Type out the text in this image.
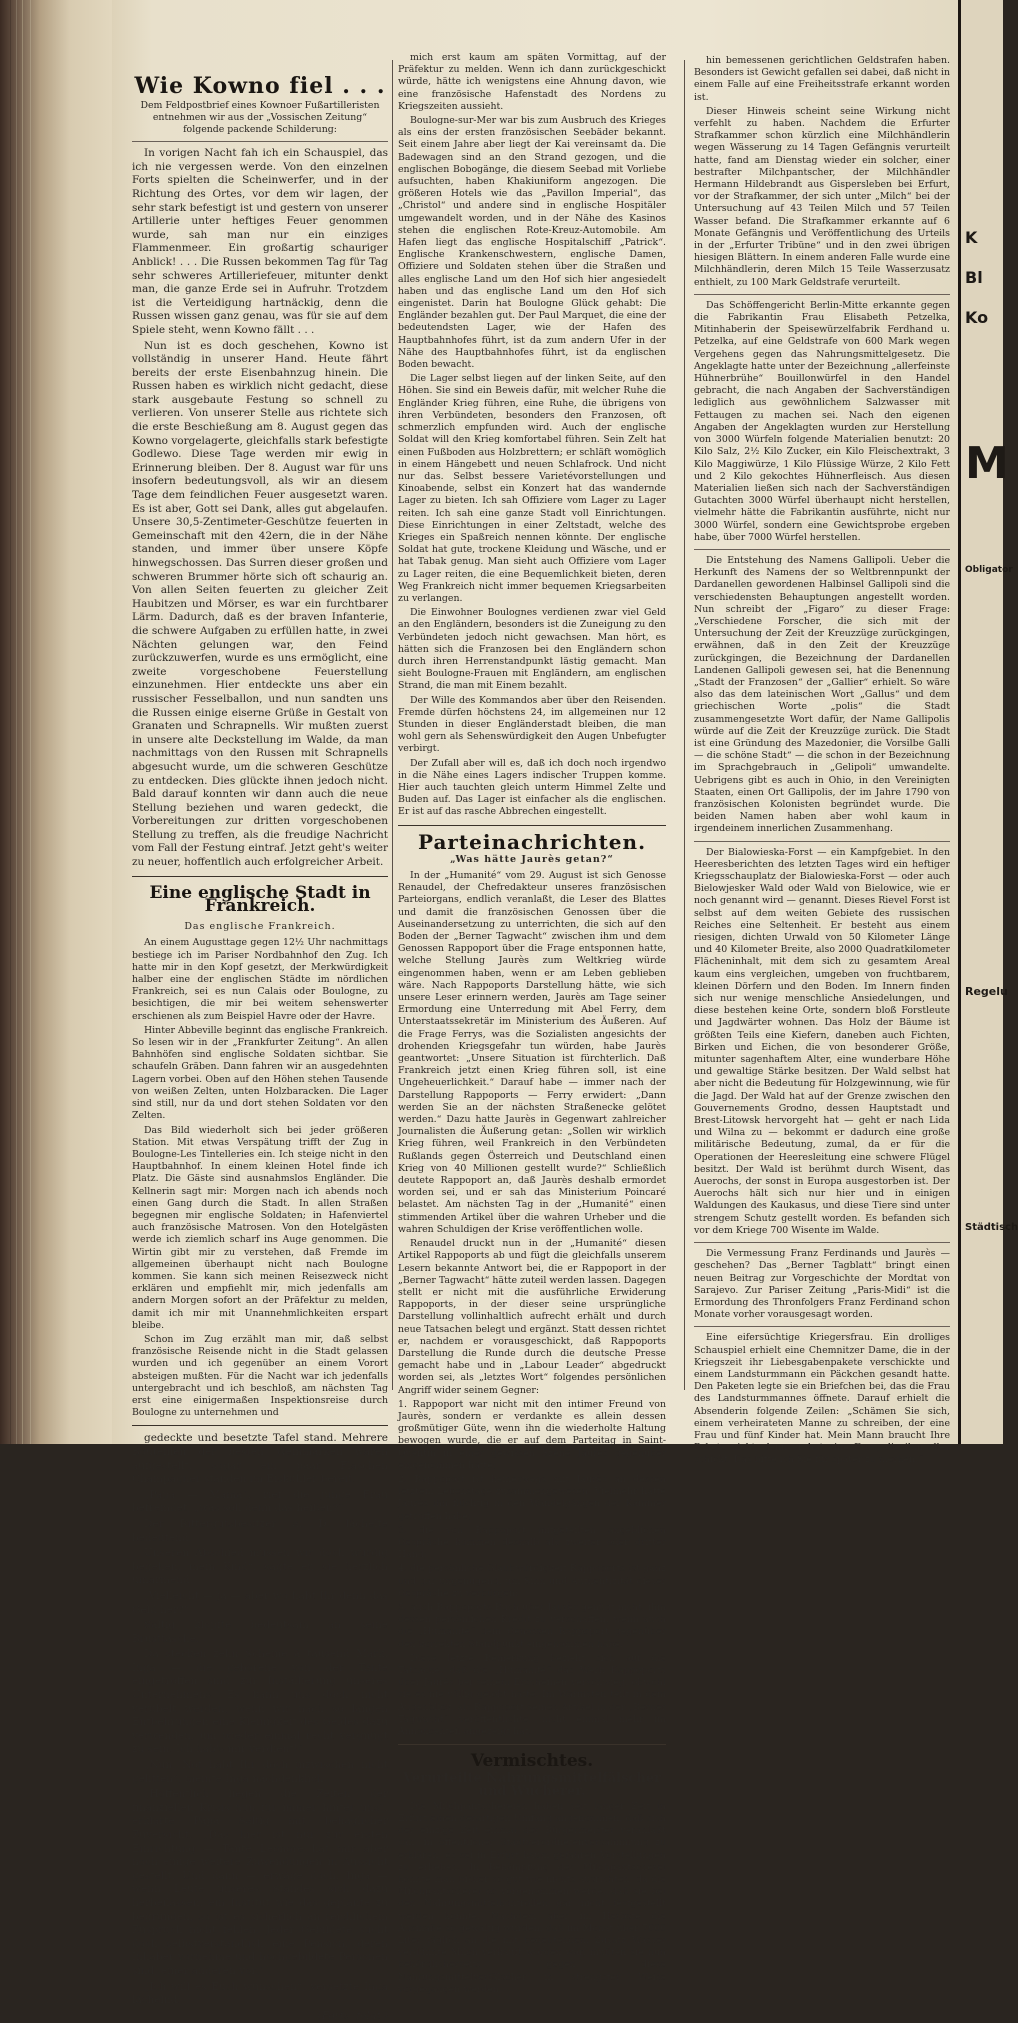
K
Bl
Ko
M
Obligator
Regelu
Städtisch
Wie Kowno fiel . . .

Dem Feldpostbrief eines Kownoer Fußartilleristen entnehmen wir aus der „Vossischen Zeitung“ folgende packende Schilderung:

In vorigen Nacht fah ich ein Schauspiel, das ich nie vergessen werde. Von den einzelnen Forts spielten die Scheinwerfer, und in der Richtung des Ortes, vor dem wir lagen, der sehr stark befestigt ist und gestern von unserer Artillerie unter heftiges Feuer genommen wurde, sah man nur ein einziges Flammenmeer. Ein großartig schauriger Anblick! . . . Die Russen bekommen Tag für Tag sehr schweres Artilleriefeuer, mitunter denkt man, die ganze Erde sei in Aufruhr. Trotzdem ist die Verteidigung hartnäckig, denn die Russen wissen ganz genau, was für sie auf dem Spiele steht, wenn Kowno fällt . . .

Nun ist es doch geschehen, Kowno ist vollständig in unserer Hand. Heute fährt bereits der erste Eisenbahnzug hinein. Die Russen haben es wirklich nicht gedacht, diese stark ausgebaute Festung so schnell zu verlieren. Von unserer Stelle aus richtete sich die erste Beschießung am 8. August gegen das Kowno vorgelagerte, gleichfalls stark befestigte Godlewo. Diese Tage werden mir ewig in Erinnerung bleiben. Der 8. August war für uns insofern bedeutungsvoll, als wir an diesem Tage dem feindlichen Feuer ausgesetzt waren. Es ist aber, Gott sei Dank, alles gut abgelaufen. Unsere 30,5-Zentimeter-Geschütze feuerten in Gemeinschaft mit den 42ern, die in der Nähe standen, und immer über unsere Köpfe hinwegschossen. Das Surren dieser großen und schweren Brummer hörte sich oft schaurig an. Von allen Seiten feuerten zu gleicher Zeit Haubitzen und Mörser, es war ein furchtbarer Lärm. Dadurch, daß es der braven Infanterie, die schwere Aufgaben zu erfüllen hatte, in zwei Nächten gelungen war, den Feind zurückzuwerfen, wurde es uns ermöglicht, eine zweite vorgeschobene Feuerstellung einzunehmen. Hier entdeckte uns aber ein russischer Fesselballon, und nun sandten uns die Russen einige eiserne Grüße in Gestalt von Granaten und Schrapnells. Wir mußten zuerst in unsere alte Deckstellung im Walde, da man nachmittags von den Russen mit Schrapnells abgesucht wurde, um die schweren Geschütze zu entdecken. Dies glückte ihnen jedoch nicht. Bald darauf konnten wir dann auch die neue Stellung beziehen und waren gedeckt, die Vorbereitungen zur dritten vorgeschobenen Stellung zu treffen, als die freudige Nachricht vom Fall der Festung eintraf. Jetzt geht's weiter zu neuer, hoffentlich auch erfolgreicher Arbeit.

Eine englische Stadt in Frankreich.
Das englische Frankreich.

An einem Augusttage gegen 12½ Uhr nachmittags bestiege ich im Pariser Nordbahnhof den Zug. Ich hatte mir in den Kopf gesetzt, der Merkwürdigkeit halber eine der englischen Städte im nördlichen Frankreich, sei es nun Calais oder Boulogne, zu besichtigen, die mir bei weitem sehenswerter erschienen als zum Beispiel Havre oder der Havre.

Hinter Abbeville beginnt das englische Frankreich. So lesen wir in der „Frankfurter Zeitung“. An allen Bahnhöfen sind englische Soldaten sichtbar. Sie schaufeln Gräben. Dann fahren wir an ausgedehnten Lagern vorbei. Oben auf den Höhen stehen Tausende von weißen Zelten, unten Holzbaracken. Die Lager sind still, nur da und dort stehen Soldaten vor den Zelten.

Das Bild wiederholt sich bei jeder größeren Station. Mit etwas Verspätung trifft der Zug in Boulogne-Les Tintelleries ein. Ich steige nicht in den Hauptbahnhof. In einem kleinen Hotel finde ich Platz. Die Gäste sind ausnahmslos Engländer. Die Kellnerin sagt mir: Morgen nach ich abends noch einen Gang durch die Stadt. In allen Straßen begegnen mir englische Soldaten; in Hafenviertel auch französische Matrosen. Von den Hotelgästen werde ich ziemlich scharf ins Auge genommen. Die Wirtin gibt mir zu verstehen, daß Fremde im allgemeinen überhaupt nicht nach Boulogne kommen. Sie kann sich meinen Reisezweck nicht erklären und empfiehlt mir, mich jedenfalls am andern Morgen sofort an der Präfektur zu melden, damit ich mir mit Unannehmlichkeiten erspart bleibe.

Schon im Zug erzählt man mir, daß selbst französische Reisende nicht in die Stadt gelassen wurden und ich gegenüber an einem Vorort absteigen mußten. Für die Nacht war ich jedenfalls untergebracht und ich beschloß, am nächsten Tag erst eine einigermaßen Inspektionsreise durch Boulogne zu unternehmen und

gedeckte und besetzte Tafel stand. Mehrere Bouteillen der besten Weinmarken waren aufgestellt, sogar ein paar Flaschen Champagner standen im Eiskühler bereit.

„Papa — Mama“, rief die junge Frau befremdet, „was soll denn das heißen?“

Der Rittergutsbesitzer a. D. lächelte bedeutend.

Unseren Abschied müssen wir doch würdig begehen, mein Kind“, sagte er, sie herzlich umarmend.

„Vielleicht — ja — aber wo habt Ihr denn das Geld her?“

Saltig klopfte bedeutsam an seine Brusttasche.

Da stecken zehn Scheine à tausend Mark, Inga — die geborene von der Tante eingetroffen sind zur Installierung unseres Unternehmens. Es kann uns doch nicht verübelt werden, wenn wir nach so langen Entbehrungen eine Kleinigkeit des Geldes dazu verwenden, um wieder einmal recht vergnügt zu sein. Ich hab's mir verdient!“

„Nun, Not habt Ihr doch inzwischen nicht gelitten“, meinte Inga nachdenklich.

„Hoffentlich liegen die Zeiten der finanziellen Krisis nun für immer hinter uns“, erklärte Papa Saltig mit behaglicher Zuversicht. „Das hier ist nur zur ersten Einrichtung — Tante Leonore hat mir aber noch einige weitere Zuwendungen in Aussicht gestellt. Und dann — erwäge doch, Inga — wenn Leute unseres Standes sich dazu herbeilassen, ein Institut wie das geplante zu begründen, so ist es sicherlich an reichlichem Zuspruch nicht fehlen. Jeder Gebildete sucht doch selbstverständlich eine Pension, deren Inhaber vornehme und hochgebildete Personen sind, einer anderen vor.“

„Ich will es Euch wünschen“, versetzte Inga lächelnd.

(Forts. folgt.)

mich erst kaum am späten Vormittag, auf der Präfektur zu melden. Wenn ich dann zurückgeschickt würde, hätte ich wenigstens eine Ahnung davon, wie eine französische Hafenstadt des Nordens zu Kriegszeiten aussieht.

Boulogne-sur-Mer war bis zum Ausbruch des Krieges als eins der ersten französischen Seebäder bekannt. Seit einem Jahre aber liegt der Kai vereinsamt da. Die Badewagen sind an den Strand gezogen, und die englischen Bobogänge, die diesem Seebad mit Vorliebe aufsuchten, haben Khakiuniform angezogen. Die größeren Hotels wie das „Pavillon Imperial“, das „Christol“ und andere sind in englische Hospitäler umgewandelt worden, und in der Nähe des Kasinos stehen die englischen Rote-Kreuz-Automobile. Am Hafen liegt das englische Hospitalschiff „Patrick“. Englische Krankenschwestern, englische Damen, Offiziere und Soldaten stehen über die Straßen und alles englische Land um den Hof sich hier angesiedelt haben und das englische Land um den Hof sich eingenistet. Darin hat Boulogne Glück gehabt: Die Engländer bezahlen gut. Der Paul Marquet, die eine der bedeutendsten Lager, wie der Hafen des Hauptbahnhofes führt, ist da zum andern Ufer in der Nähe des Hauptbahnhofes führt, ist da englischen Boden bewacht.

Die Lager selbst liegen auf der linken Seite, auf den Höhen. Sie sind ein Beweis dafür, mit welcher Ruhe die Engländer Krieg führen, eine Ruhe, die übrigens von ihren Verbündeten, besonders den Franzosen, oft schmerzlich empfunden wird. Auch der englische Soldat will den Krieg komfortabel führen. Sein Zelt hat einen Fußboden aus Holzbrettern; er schläft womöglich in einem Hängebett und neuen Schlafrock. Und nicht nur das. Selbst bessere Varietévorstellungen und Kinoabende, selbst ein Konzert hat das wandernde Lager zu bieten. Ich sah Offiziere vom Lager zu Lager reiten. Ich sah eine ganze Stadt voll Einrichtungen. Diese Einrichtungen in einer Zeltstadt, welche des Krieges ein Spaßreich nennen könnte. Der englische Soldat hat gute, trockene Kleidung und Wäsche, und er hat Tabak genug. Man sieht auch Offiziere vom Lager zu Lager reiten, die eine Bequemlichkeit bieten, deren Weg Frankreich nicht immer bequemen Kriegsarbeiten zu verlangen.

Die Einwohner Boulognes verdienen zwar viel Geld an den Engländern, besonders ist die Zuneigung zu den Verbündeten jedoch nicht gewachsen. Man hört, es hätten sich die Franzosen bei den Engländern schon durch ihren Herrenstandpunkt lästig gemacht. Man sieht Boulogne-Frauen mit Engländern, am englischen Strand, die man mit Einem bezahlt.

Der Wille des Kommandos aber über den Reisenden. Fremde dürfen höchstens 24, im allgemeinen nur 12 Stunden in dieser Engländerstadt bleiben, die man wohl gern als Sehenswürdigkeit den Augen Unbefugter verbirgt.

Der Zufall aber will es, daß ich doch noch irgendwo in die Nähe eines Lagers indischer Truppen komme. Hier auch tauchten gleich unterm Himmel Zelte und Buden auf. Das Lager ist einfacher als die englischen. Er ist auf das rasche Abbrechen eingestellt.

Parteinachrichten.
„Was hätte Jaurès getan?“

In der „Humanité“ vom 29. August ist sich Genosse Renaudel, der Chefredakteur unseres französischen Parteiorgans, endlich veranlaßt, die Leser des Blattes und damit die französischen Genossen über die Auseinandersetzung zu unterrichten, die sich auf den Boden der „Berner Tagwacht“ zwischen ihm und dem Genossen Rappoport über die Frage entsponnen hatte, welche Stellung Jaurès zum Weltkrieg würde eingenommen haben, wenn er am Leben geblieben wäre. Nach Rappoports Darstellung hätte, wie sich unsere Leser erinnern werden, Jaurès am Tage seiner Ermordung eine Unterredung mit Abel Ferry, dem Unterstaatssekretär im Ministerium des Äußeren. Auf die Frage Ferrys, was die Sozialisten angesichts der drohenden Kriegsgefahr tun würden, habe Jaurès geantwortet: „Unsere Situation ist fürchterlich. Daß Frankreich jetzt einen Krieg führen soll, ist eine Ungeheuerlichkeit.“ Darauf habe — immer nach der Darstellung Rappoports — Ferry erwidert: „Dann werden Sie an der nächsten Straßenecke gelötet werden.“ Dazu hatte Jaurès in Gegenwart zahlreicher Journalisten die Äußerung getan: „Sollen wir wirklich Krieg führen, weil Frankreich in den Verbündeten Rußlands gegen Österreich und Deutschland einen Krieg von 40 Millionen gestellt wurde?“ Schließlich deutete Rappoport an, daß Jaurès deshalb ermordet worden sei, und er sah das Ministerium Poincaré belastet. Am nächsten Tag in der „Humanité“ einen stimmenden Artikel über die wahren Urheber und die wahren Schuldigen der Krise veröffentlichen wolle.

Renaudel druckt nun in der „Humanité“ diesen Artikel Rappoports ab und fügt die gleichfalls unserem Lesern bekannte Antwort bei, die er Rappoport in der „Berner Tagwacht“ hätte zuteil werden lassen. Dagegen stellt er nicht mit die ausführliche Erwiderung Rappoports, in der dieser seine ursprüngliche Darstellung vollinhaltlich aufrecht erhält und durch neue Tatsachen belegt und ergänzt. Statt dessen richtet er, nachdem er vorausgeschickt, daß Rappoports Darstellung die Runde durch die deutsche Presse gemacht habe und in „Labour Leader“ abgedruckt worden sei, als „letztes Wort“ folgendes persönlichen Angriff wider seinem Gegner:

1. Rappoport war nicht mit den intimer Freund von Jaurès, sondern er verdankte es allein dessen großmütiger Güte, wenn ihn die wiederholte Haltung bewogen wurde, die er auf dem Parteitag in Saint-Quentin in einer gewissen Szene Jaurès gegenüber eingenommen hatte;

2. Rappoport ist keineswegs mit Jaurès an dessen letztem Lebenstage zusammengewesen. Vielmehr hatte Jaurès ihn flüchtig in den Wandelgängen der Kammer getroffen habe;

3. die von Rappoport mitgeteilten angeblichen Gespräche kommen deshalb als zweiter oder dritter Hand;

4. die persönliche Glaubwürdigkeit Rappoports ist ganz und gar ungenügend, um Sinn und Authentizität dieser Gespräche zu verbürgen;

5. auch Rappoports Buch über Jaurès genügt nicht, ihm dessen persönlichen Kredit zu verschaffen, wenn auch die „Humanité“ dem Genossen Rappoport gegenüber den korrekten Standpunkt eingenommen habe.

Diese letzte Bemerkung bezieht sich auf die Tatsache, daß die „Humanité“ das Werk Rappoports über Jaurès bei seinem Erscheinen verschwieg, obwohl sie es nie völlig gelobt hatte. Im Wärmsten teilt in dem Augenblick, als Rappoport seinen Artikel in der „Berner Tagwacht“ veröffentlichte, nicht einmal mehr im Annoncenteil angezeigt hat.

Vermischtes.
Verurteilte Nahrungsmittelfälscher und Wucherer.

Die Milchpantschereien haben seit langer Zeit in Erfurt einen derartigen Umfang angenommen, daß sich der einzige Zeit einmal der Bürgermeister veranlaßt sah, in öffentlicher Stadtverordnetenversammlung zu erklären, es sei in Erfurt kaum gefahren Vorstellungen zu erheben. In Bekämpfung der Milchpantscherei konnte man bisher so gut wie nichts ausrichten, da die Milchpantscherei so vorgenommen werde, daß sie bei den Nahrungsmittelkontrollen gar nicht festgestellt werden konnte. Nachdem aber im Herbste die Ausmaße so gewaltig wurden, daß im Monat über 7000 Liter täglich an die mit bedeutendem Zusatz Wasser verdünnte Milch verkauft worden war, mußten sie nun behördlicherseits gegen diese Nahrungsmittelverfälscher in strengster Weise vorgegangen werden.

hin bemessenen gerichtlichen Geldstrafen haben. Besonders ist Gewicht gefallen sei dabei, daß nicht in einem Falle auf eine Freiheitsstrafe erkannt worden ist.

Dieser Hinweis scheint seine Wirkung nicht verfehlt zu haben. Nachdem die Erfurter Strafkammer schon kürzlich eine Milchhändlerin wegen Wässerung zu 14 Tagen Gefängnis verurteilt hatte, fand am Dienstag wieder ein solcher, einer bestrafter Milchpantscher, der Milchhändler Hermann Hildebrandt aus Gispersleben bei Erfurt, vor der Strafkammer, der sich unter „Milch“ bei der Untersuchung auf 43 Teilen Milch und 57 Teilen Wasser befand. Die Strafkammer erkannte auf 6 Monate Gefängnis und Veröffentlichung des Urteils in der „Erfurter Tribüne“ und in den zwei übrigen hiesigen Blättern. In einem anderen Falle wurde eine Milchhändlerin, deren Milch 15 Teile Wasserzusatz enthielt, zu 100 Mark Geldstrafe verurteilt.

Das Schöffengericht Berlin-Mitte erkannte gegen die Fabrikantin Frau Elisabeth Petzelka, Mitinhaberin der Speisewürzelfabrik Ferdhand u. Petzelka, auf eine Geldstrafe von 600 Mark wegen Vergehens gegen das Nahrungsmittelgesetz. Die Angeklagte hatte unter der Bezeichnung „allerfeinste Hühnerbrühe“ Bouillonwürfel in den Handel gebracht, die nach Angaben der Sachverständigen lediglich aus gewöhnlichem Salzwasser mit Fettaugen zu machen sei. Nach den eigenen Angaben der Angeklagten wurden zur Herstellung von 3000 Würfeln folgende Materialien benutzt: 20 Kilo Salz, 2½ Kilo Zucker, ein Kilo Fleischextrakt, 3 Kilo Maggiwürze, 1 Kilo Flüssige Würze, 2 Kilo Fett und 2 Kilo gekochtes Hühnerfleisch. Aus diesen Materialien ließen sich nach der Sachverständigen Gutachten 3000 Würfel überhaupt nicht herstellen, vielmehr hätte die Fabrikantin ausführte, nicht nur 3000 Würfel, sondern eine Gewichtsprobe ergeben habe, über 7000 Würfel herstellen.

Die Entstehung des Namens Gallipoli. Ueber die Herkunft des Namens der so Weltbrennpunkt der Dardanellen gewordenen Halbinsel Gallipoli sind die verschiedensten Behauptungen angestellt worden. Nun schreibt der „Figaro“ zu dieser Frage: „Verschiedene Forscher, die sich mit der Untersuchung der Zeit der Kreuzzüge zurückgingen, erwähnen, daß in den Zeit der Kreuzzüge zurückgingen, die Bezeichnung der Dardanellen Landenen Gallipoli gewesen sei, hat die Benennung „Stadt der Franzosen“ der „Gallier“ erhielt. So wäre also das dem lateinischen Wort „Gallus“ und dem griechischen Worte „polis“ die Stadt zusammengesetzte Wort dafür, der Name Gallipolis würde auf die Zeit der Kreuzzüge zurück. Die Stadt ist eine Gründung des Mazedonier, die Vorsilbe Galli — die schöne Stadt“ — die schon in der Bezeichnung im Sprachgebrauch in „Gelipoli“ umwandelte. Uebrigens gibt es auch in Ohio, in den Vereinigten Staaten, einen Ort Gallipolis, der im Jahre 1790 von französischen Kolonisten begründet wurde. Die beiden Namen haben aber wohl kaum in irgendeinem innerlichen Zusammenhang.

Der Bialowieska-Forst — ein Kampfgebiet. In den Heeresberichten des letzten Tages wird ein heftiger Kriegsschauplatz der Bialowieska-Forst — oder auch Bielowjesker Wald oder Wald von Bielowice, wie er noch genannt wird — genannt. Dieses Rievel Forst ist selbst auf dem weiten Gebiete des russischen Reiches eine Seltenheit. Er besteht aus einem riesigen, dichten Urwald von 50 Kilometer Länge und 40 Kilometer Breite, also 2000 Quadratkilometer Flächeninhalt, mit dem sich zu gesamtem Areal kaum eins vergleichen, umgeben von fruchtbarem, kleinen Dörfern und den Boden. Im Innern finden sich nur wenige menschliche Ansiedelungen, und diese bestehen keine Orte, sondern bloß Forstleute und Jagdwärter wohnen. Das Holz der Bäume ist größten Teils eine Kiefern, daneben auch Fichten, Birken und Eichen, die von besonderer Größe, mitunter sagenhaftem Alter, eine wunderbare Höhe und gewaltige Stärke besitzen. Der Wald selbst hat aber nicht die Bedeutung für Holzgewinnung, wie für die Jagd. Der Wald hat auf der Grenze zwischen den Gouvernements Grodno, dessen Hauptstadt und Brest-Litowsk hervorgeht hat — geht er nach Lida und Wilna zu — bekommt er dadurch eine große militärische Bedeutung, zumal, da er für die Operationen der Heeresleitung eine schwere Flügel besitzt. Der Wald ist berühmt durch Wisent, das Auerochs, der sonst in Europa ausgestorben ist. Der Auerochs hält sich nur hier und in einigen Waldungen des Kaukasus, und diese Tiere sind unter strengem Schutz gestellt worden. Es befanden sich vor dem Kriege 700 Wisente im Walde.

Die Vermessung Franz Ferdinands und Jaurès — geschehen? Das „Berner Tagblatt“ bringt einen neuen Beitrag zur Vorgeschichte der Mordtat von Sarajevo. Zur Pariser Zeitung „Paris-Midi“ ist die Ermordung des Thronfolgers Franz Ferdinand schon Monate vorher vorausgesagt worden.

Eine eifersüchtige Kriegersfrau. Ein drolliges Schauspiel erhielt eine Chemnitzer Dame, die in der Kriegszeit ihr Liebesgabenpakete verschickte und einem Landsturmmann ein Päckchen gesandt hatte. Den Paketen legte sie ein Briefchen bei, das die Frau des Landsturmmannes öffnete. Darauf erhielt die Absenderin folgende Zeilen: „Schämen Sie sich, einem verheirateten Manne zu schreiben, der eine Frau und fünf Kinder hat. Mein Mann braucht Ihre Pakete nicht, denn er hat eine Frau, die ihm alles schickt. Das bitte ich Sie für später zu merken.“
